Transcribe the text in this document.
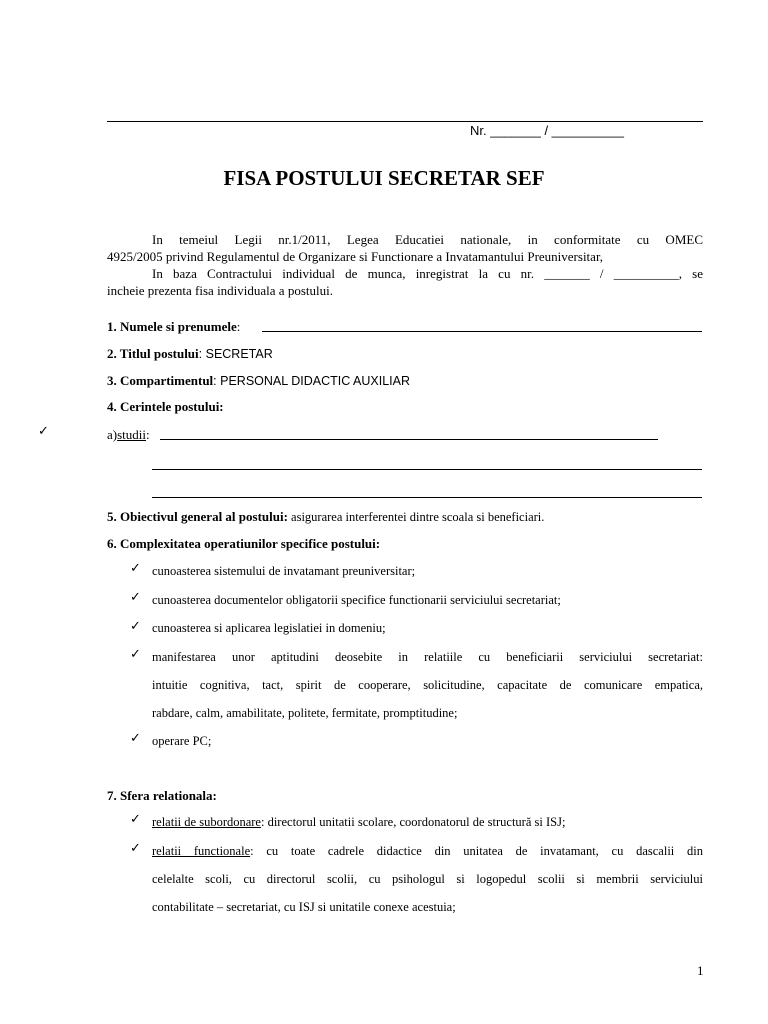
Nr. _______ / __________
FISA POSTULUI SECRETAR SEF
In temeiul Legii nr.1/2011, Legea Educatiei nationale, in conformitate cu OMEC
4925/2005 privind Regulamentul de Organizare si Functionare a Invatamantului Preuniversitar,
In baza Contractului individual de munca, inregistrat la cu nr. _______ / __________, se
incheie prezenta fisa individuala a postului.
1. Numele si prenumele:
2. Titlul postului: SECRETAR
3. Compartimentul: PERSONAL DIDACTIC AUXILIAR
4. Cerintele postului:
✓	a)studii:
5. Obiectivul general al postului: asigurarea interferentei dintre scoala si beneficiari.
6. Complexitatea operatiunilor specifice postului:
✓ cunoasterea sistemului de invatamant preuniversitar;
✓ cunoasterea documentelor obligatorii specifice functionarii serviciului secretariat;
✓ cunoasterea si aplicarea legislatiei in domeniu;
✓ manifestarea unor aptitudini deosebite in relatiile cu beneficiarii serviciului secretariat:
intuitie cognitiva, tact, spirit de cooperare, solicitudine, capacitate de comunicare empatica,
rabdare, calm, amabilitate, politete, fermitate, promptitudine;
✓ operare PC;
7. Sfera relationala:
✓ relatii de subordonare: directorul unitatii scolare, coordonatorul de structură si ISJ;
✓ relatii functionale: cu toate cadrele didactice din unitatea de invatamant, cu dascalii din
celelalte scoli, cu directorul scolii, cu psihologul si logopedul scolii si membrii serviciului
contabilitate – secretariat, cu ISJ si unitatile conexe acestuia;
1
